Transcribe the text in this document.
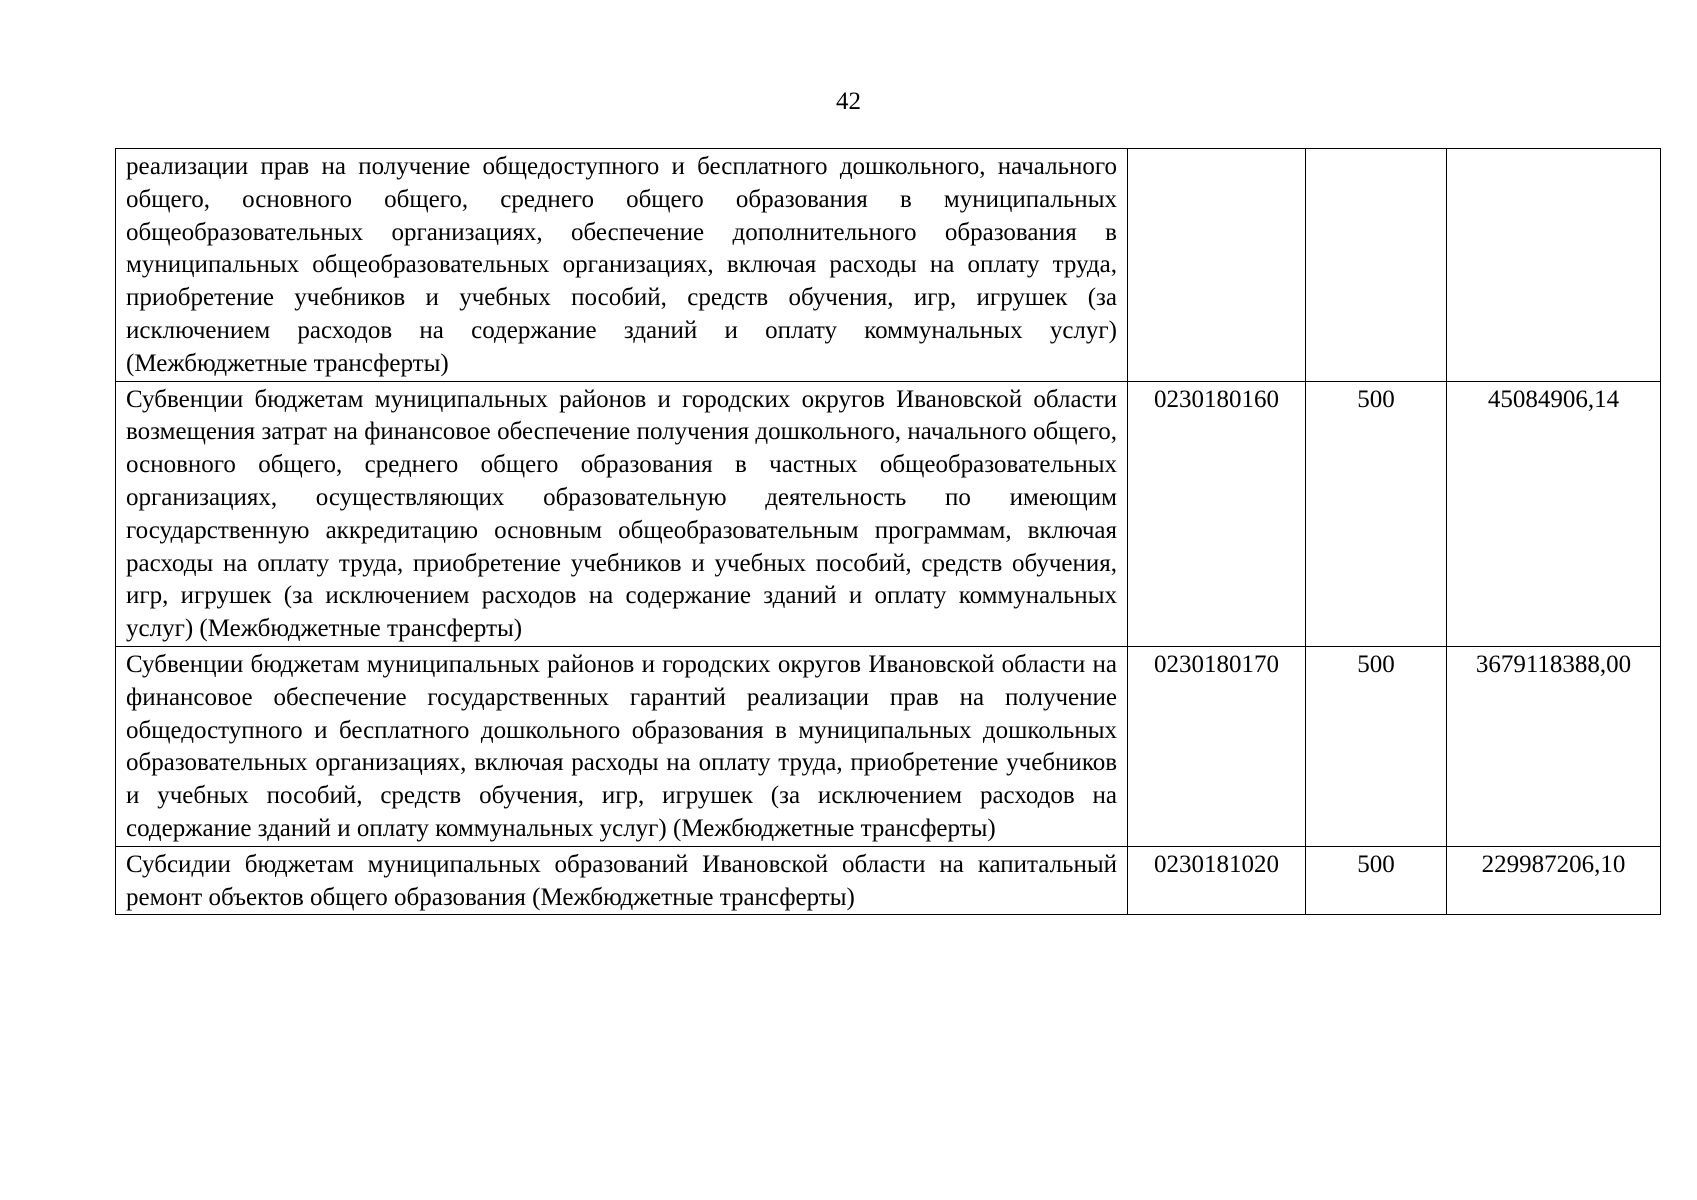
42
реализации прав на получение общедоступного и бесплатного дошкольного, начального общего, основного общего, среднего общего образования в муниципальных общеобразовательных организациях, обеспечение дополнительного образования в муниципальных общеобразовательных организациях, включая расходы на оплату труда, приобретение учебников и учебных пособий, средств обучения, игр, игрушек (за исключением расходов на содержание зданий и оплату коммунальных услуг) (Межбюджетные трансферты)			
Субвенции бюджетам муниципальных районов и городских округов Ивановской области возмещения затрат на финансовое обеспечение получения дошкольного, начального общего, основного общего, среднего общего образования в частных общеобразовательных организациях, осуществляющих образовательную деятельность по имеющим государственную аккредитацию основным общеобразовательным программам, включая расходы на оплату труда, приобретение учебников и учебных пособий, средств обучения, игр, игрушек (за исключением расходов на содержание зданий и оплату коммунальных услуг) (Межбюджетные трансферты)	0230180160	500	45084906,14
Субвенции бюджетам муниципальных районов и городских округов Ивановской области на финансовое обеспечение государственных гарантий реализации прав на получение общедоступного и бесплатного дошкольного образования в муниципальных дошкольных образовательных организациях, включая расходы на оплату труда, приобретение учебников и учебных пособий, средств обучения, игр, игрушек (за исключением расходов на содержание зданий и оплату коммунальных услуг) (Межбюджетные трансферты)	0230180170	500	3679118388,00
Субсидии бюджетам муниципальных образований Ивановской области на капитальный ремонт объектов общего образования (Межбюджетные трансферты)	0230181020	500	229987206,10
